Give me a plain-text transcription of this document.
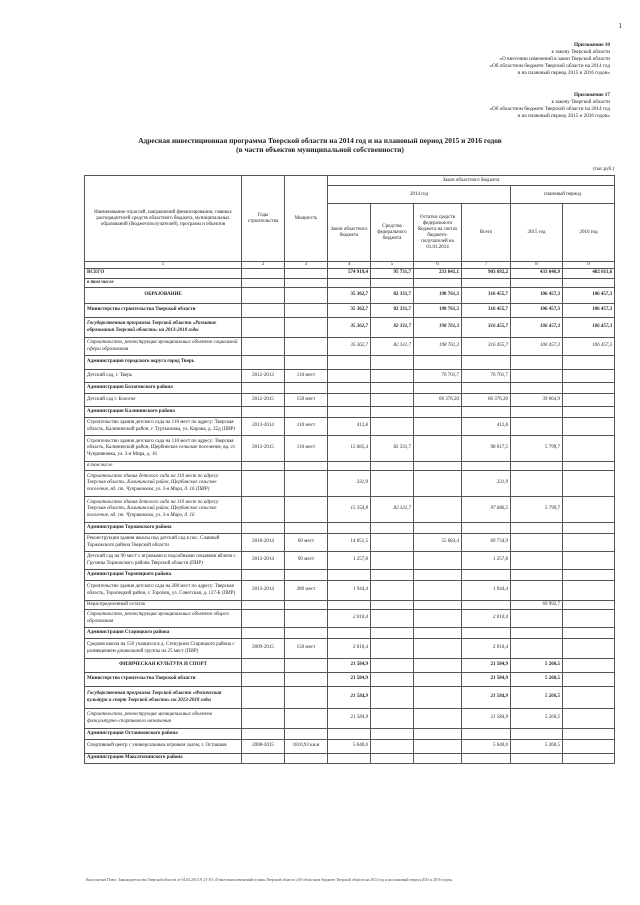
1
Приложение 10
к закону Тверской области
«О внесении изменений в закон Тверской области
«Об областном бюджете Тверской области на 2014 год
и на плановый период 2015 и 2016 годов»
Приложение 17
к закону Тверской области
«Об областном бюджете Тверской области на 2014 год
и на плановый период 2015 и 2016 годов»
Адресная инвестиционная программа Тверской области на 2014 год и на плановый период 2015 и 2016 годов
(в части объектов муниципальной собственности)
(тыс.руб.)
Наименование отраслей, направлений финансирования, главных распорядителей средств областного бюджета, муниципальных образований (бюджетополучателей), программ и объектов	Годы строительства	Мощность	Закон областного бюджета					
			2014 год				плановый период	
			Закон областного бюджета	Средства федерального бюджета	Остатки средств федерального бюджета на счетах бюджето-получателей на 01.01.2014	Всего	2015 год	2016 год
1	2	3	4	5	6	7	8	9
ВСЕГО			574 919,4	95 731,7	233 041,1	903 692,2	433 046,9	482 011,6
в том числе								
ОБРАЗОВАНИЕ			35 362,7	82 331,7	198 761,3	316 455,7	106 457,3	106 457,3
Министерство строительства Тверской области			35 362,7	82 331,7	198 761,3	316 455,7	106 457,3	106 457,3
Государственная программа Тверской области «Развитие образования Тверской области» на 2013-2018 годы			35 362,7	82 331,7	198 761,3	316 455,7	106 457,3	106 457,3
Строительство, реконструкция муниципальных объектов социальной сферы образования			35 362,7	82 331,7	198 761,3	316 455,7	106 457,3	106 457,3
Администрация городского округа город Тверь								
Детский сад, г. Тверь	2012-2013	110 мест			76 701,7	76 701,7		
Администрация Бологовского района								
Детский сад г. Бологое	2012-2015	150 мест			66 376,20	66 376,20	39 664,9	
Администрация Калининского района								
Строительство здания детского сада на 110 мест по адресу: Тверская область, Калининский район, г. Туртыновка, ул. Кирова, д. 22д (ПИР)	2013-2014	110 мест	412,8			412,8		
Строительство здания детского сада на 110 мест по адресу: Тверская область, Калининский район, Щербинское сельское поселение, вд. ст. Чуприяновка, ул. 3-я Мира, д. 16	2013-2015	110 мест	15 685,4	82 331,7		98 017,5	5 799,7	
в том числе								
Строительство здания детского сада на 110 мест по адресу: Тверская область, Калининский район, Щербинское сельское поселение, вд. ст. Чуприяновка, ул. 3-я Мира, д. 16 (ПИР)			331,9			331,9		
Строительство здания детского сада на 110 мест по адресу: Тверская область, Калининский район, Щербинское сельское поселение, вд. ст. Чуприяновка, ул. 3-я Мира, д. 16			15 354,8	82 331,7		97 686,5	5 799,7	
Администрация Торжокского района								
Реконструкция здания школы под детский сад в пос. Славный Торжокского района Тверской области	2010-2014	60 мест	14 051,5		55 683,4	69 734,9		
Детский сад на 90 мест с игровыми и подсобными секциями вблизи с. Грузины Торжокского района Тверской области (ПИР)	2013-2014	90 мест	1 257,8			1 257,8		
Администрация Торопецкого района								
Строительство здания детского сада на 280 мест по адресу: Тверская область, Торопецкий район, г. Торопец, ул. Советская, д. 127-Б (ПИР)	2013-2014	280 мест	1 944,4			1 944,4		
Нераспределенный остаток							69 992,7	
Строительство, реконструкция муниципальных объектов общего образования			2 010,4			2 010,4		
Администрация Старицкого района								
Средняя школа на 150 учащихся в д. Степурино Старицкого района с размещением дошкольной группы на 25 мест (ПИР)	2009-2015	150 мест	2 010,4			2 010,4		
ФИЗИЧЕСКАЯ КУЛЬТУРА И СПОРТ			21 584,9			21 584,9	5 260,5	
Министерство строительства Тверской области			21 584,9			21 584,9	5 260,5	
Государственная программа Тверской области «Физическая культура и спорт Тверской области» на 2013-2018 годы			21 584,9			21 584,9	5 260,5	
Строительство, реконструкция муниципальных объектов физкультурно-спортивного назначения			21 584,9			21 584,9	5 260,5	
Администрация Осташковского района								
Спортивный центр с универсальным игровым залом, г. Осташков	2008-2015	1810,93 кв.м	5 640,0			5 640,0	5 260,5	
Администрация Максатихинского района								
Консультант Плюс: Законодательство Тверской области от 04.04.2014 N 21-ЗО «О внесении изменений в закон Тверской области «Об областном бюджете Тверской области на 2014 год и на плановый период 2015 и 2016 годов»
